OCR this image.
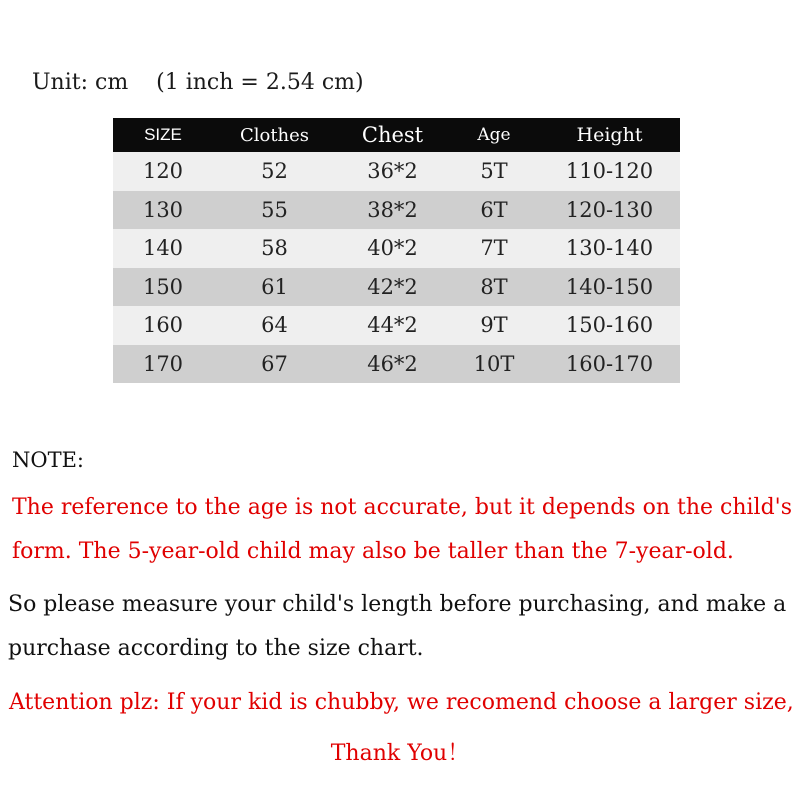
Unit: cm    (1 inch = 2.54 cm)
SIZE	Clothes	Chest	Age	Height
120	52	36*2	5T	110-120
130	55	38*2	6T	120-130
140	58	40*2	7T	130-140
150	61	42*2	8T	140-150
160	64	44*2	9T	150-160
170	67	46*2	10T	160-170
NOTE:
The reference to the age is not accurate, but it depends on the child's form. The 5-year-old child may also be taller than the 7-year-old.
So please measure your child's length before purchasing, and make a purchase according to the size chart.
Attention plz: If your kid is chubby, we recomend choose a larger size,
Thank You！
